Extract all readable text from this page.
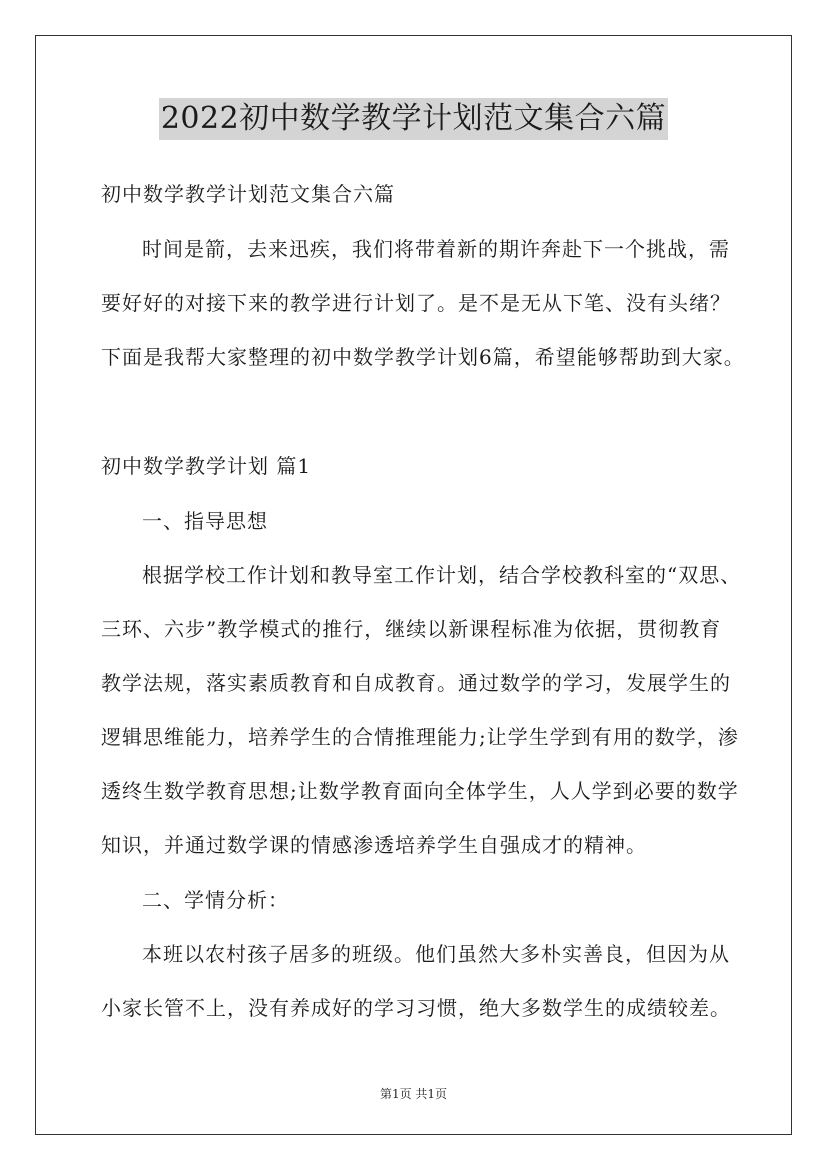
2022初中数学教学计划范文集合六篇
初中数学教学计划范文集合六篇
时间是箭，去来迅疾，我们将带着新的期许奔赴下一个挑战，需
要好好的对接下来的教学进行计划了。是不是无从下笔、没有头绪？
下面是我帮大家整理的初中数学教学计划6篇，希望能够帮助到大家。
初中数学教学计划 篇1
一、指导思想
根据学校工作计划和教导室工作计划，结合学校教科室的“双思、
三环、六步”教学模式的推行，继续以新课程标准为依据，贯彻教育
教学法规，落实素质教育和自成教育。通过数学的学习，发展学生的
逻辑思维能力，培养学生的合情推理能力;让学生学到有用的数学，渗
透终生数学教育思想;让数学教育面向全体学生，人人学到必要的数学
知识，并通过数学课的情感渗透培养学生自强成才的精神。
二、学情分析：
本班以农村孩子居多的班级。他们虽然大多朴实善良，但因为从
小家长管不上，没有养成好的学习习惯，绝大多数学生的成绩较差。
第1页 共1页
